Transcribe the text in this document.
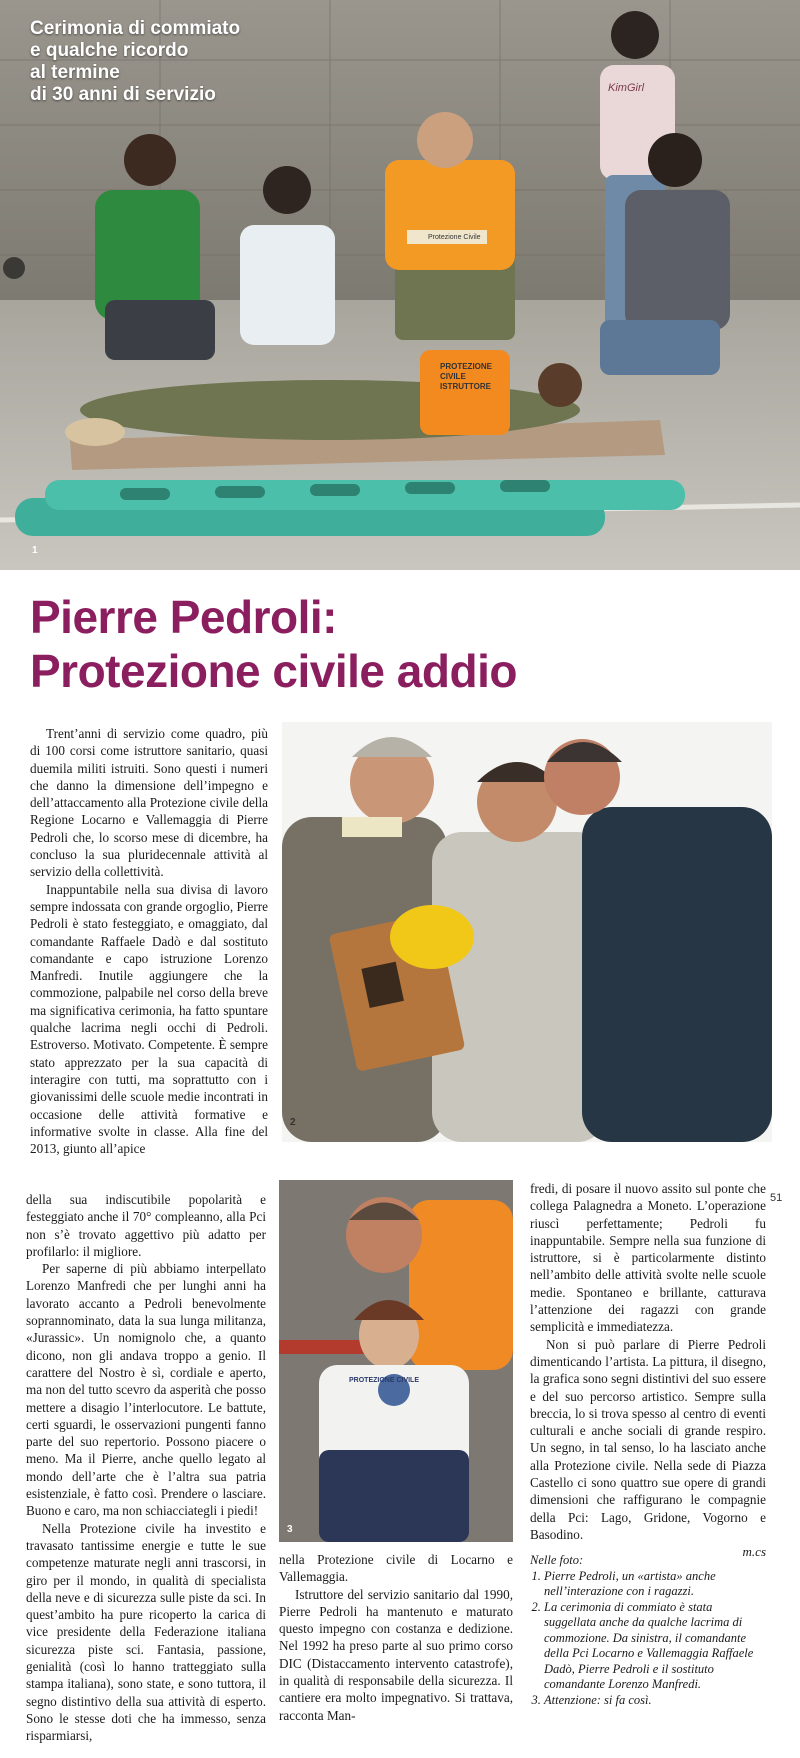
Cerimonia di commiato
e qualche ricordo
al termine
di 30 anni di servizio
Protezione Civile
KimGirl
PROTEZIONE CIVILE
ISTRUTTORE
1
Pierre Pedroli:
Protezione civile addio

Trent’anni di servizio come quadro, più di 100 corsi come istruttore sanitario, quasi duemila militi istruiti. Sono questi i numeri che danno la dimensione dell’impegno e dell’attaccamento alla Protezione civile della Regione Locarno e Vallemaggia di Pierre Pedroli che, lo scorso mese di dicembre, ha concluso la sua pluridecennale attività al servizio della collettività.

Inappuntabile nella sua divisa di lavoro sempre indossata con grande orgoglio, Pierre Pedroli è stato festeggiato, e omaggiato, dal comandante Raffaele Dadò e dal sostituto comandante e capo istruzione Lorenzo Manfredi. Inutile aggiungere che la commozione, palpabile nel corso della breve ma significativa cerimonia, ha fatto spuntare qualche lacrima negli occhi di Pedroli. Estroverso. Motivato. Competente. È sempre stato apprezzato per la sua capacità di interagire con tutti, ma soprattutto con i giovanissimi delle scuole medie incontrati in occasione delle attività formative e informative svolte in classe. Alla fine del 2013, giunto all’apice

2
51

della sua indiscutibile popolarità e festeggiato anche il 70° compleanno, alla Pci non s’è trovato aggettivo più adatto per profilarlo: il migliore.

Per saperne di più abbiamo interpellato Lorenzo Manfredi che per lunghi anni ha lavorato accanto a Pedroli benevolmente soprannominato, data la sua lunga militanza, «Jurassic». Un nomignolo che, a quanto dicono, non gli andava troppo a genio. Il carattere del Nostro è sì, cordiale e aperto, ma non del tutto scevro da asperità che posso mettere a disagio l’interlocutore. Le battute, certi sguardi, le osservazioni pungenti fanno parte del suo repertorio. Possono piacere o meno. Ma il Pierre, anche quello legato al mondo dell’arte che è l’altra sua patria esistenziale, è fatto così. Prendere o lasciare. Buono e caro, ma non schiacciategli i piedi!

Nella Protezione civile ha investito e travasato tantissime energie e tutte le sue competenze maturate negli anni trascorsi, in giro per il mondo, in qualità di specialista della neve e di sicurezza sulle piste da sci. In quest’ambito ha pure ricoperto la carica di vice presidente della Federazione italiana sicurezza piste sci. Fantasia, passione, genialità (così lo hanno tratteggiato sulla stampa italiana), sono state, e sono tuttora, il segno distintivo della sua attività di esperto. Sono le stesse doti che ha immesso, senza risparmiarsi,

PROTEZIONE CIVILE
3

nella Protezione civile di Locarno e Vallemaggia.

Istruttore del servizio sanitario dal 1990, Pierre Pedroli ha mantenuto e maturato questo impegno con costanza e dedizione. Nel 1992 ha preso parte al suo primo corso DIC (Distaccamento intervento catastrofe), in qualità di responsabile della sicurezza. Il cantiere era molto impegnativo. Si trattava, racconta Man-

fredi, di posare il nuovo assito sul ponte che collega Palagnedra a Moneto. L’operazione riuscì perfettamente; Pedroli fu inappuntabile. Sempre nella sua funzione di istruttore, si è particolarmente distinto nell’ambito delle attività svolte nelle scuole medie. Spontaneo e brillante, catturava l’attenzione dei ragazzi con grande semplicità e immediatezza.

Non si può parlare di Pierre Pedroli dimenticando l’artista. La pittura, il disegno, la grafica sono segni distintivi del suo essere e del suo percorso artistico. Sempre sulla breccia, lo si trova spesso al centro di eventi culturali e anche sociali di grande respiro. Un segno, in tal senso, lo ha lasciato anche alla Protezione civile. Nella sede di Piazza Castello ci sono quattro sue opere di grandi dimensioni che raffigurano le compagnie della Pci: Lago, Gridone, Vogorno e Basodino.

m.cs
Nelle foto:
1. Pierre Pedroli, un «artista» anche nell’interazione con i ragazzi.
2. La cerimonia di commiato è stata suggellata anche da qualche lacrima di commozione. Da sinistra, il comandante della Pci Locarno e Vallemaggia Raffaele Dadò, Pierre Pedroli e il sostituto comandante Lorenzo Manfredi.
3. Attenzione: si fa così.
